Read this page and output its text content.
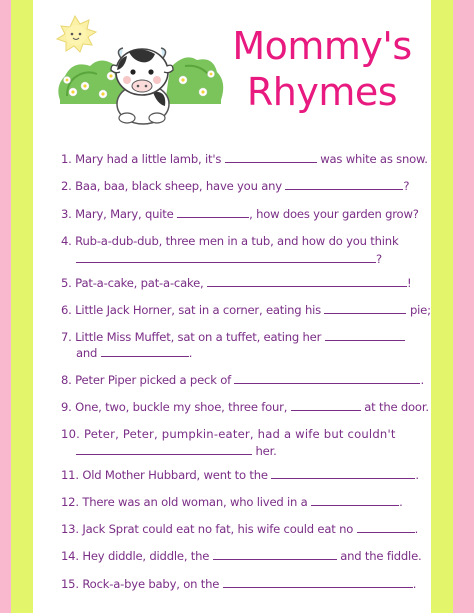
Mommy's
Rhymes
1. Mary had a little lamb, it's	was white as snow.
2. Baa, baa, black sheep, have you any	?
3. Mary, Mary, quite	, how does your garden grow?
4. Rub-a-dub-dub, three men in a tub, and how do you think
?
5. Pat-a-cake, pat-a-cake,	!
6. Little Jack Horner, sat in a corner, eating his	pie;
7. Little Miss Muffet, sat on a tuffet, eating her
and	.
8. Peter Piper picked a peck of	.
9. One, two, buckle my shoe, three four,	at the door.
10. Peter, Peter, pumpkin-eater, had a wife but couldn't
her.
11. Old Mother Hubbard, went to the	.
12. There was an old woman, who lived in a	.
13. Jack Sprat could eat no fat, his wife could eat no	.
14. Hey diddle, diddle, the	and the fiddle.
15. Rock-a-bye baby, on the	.
